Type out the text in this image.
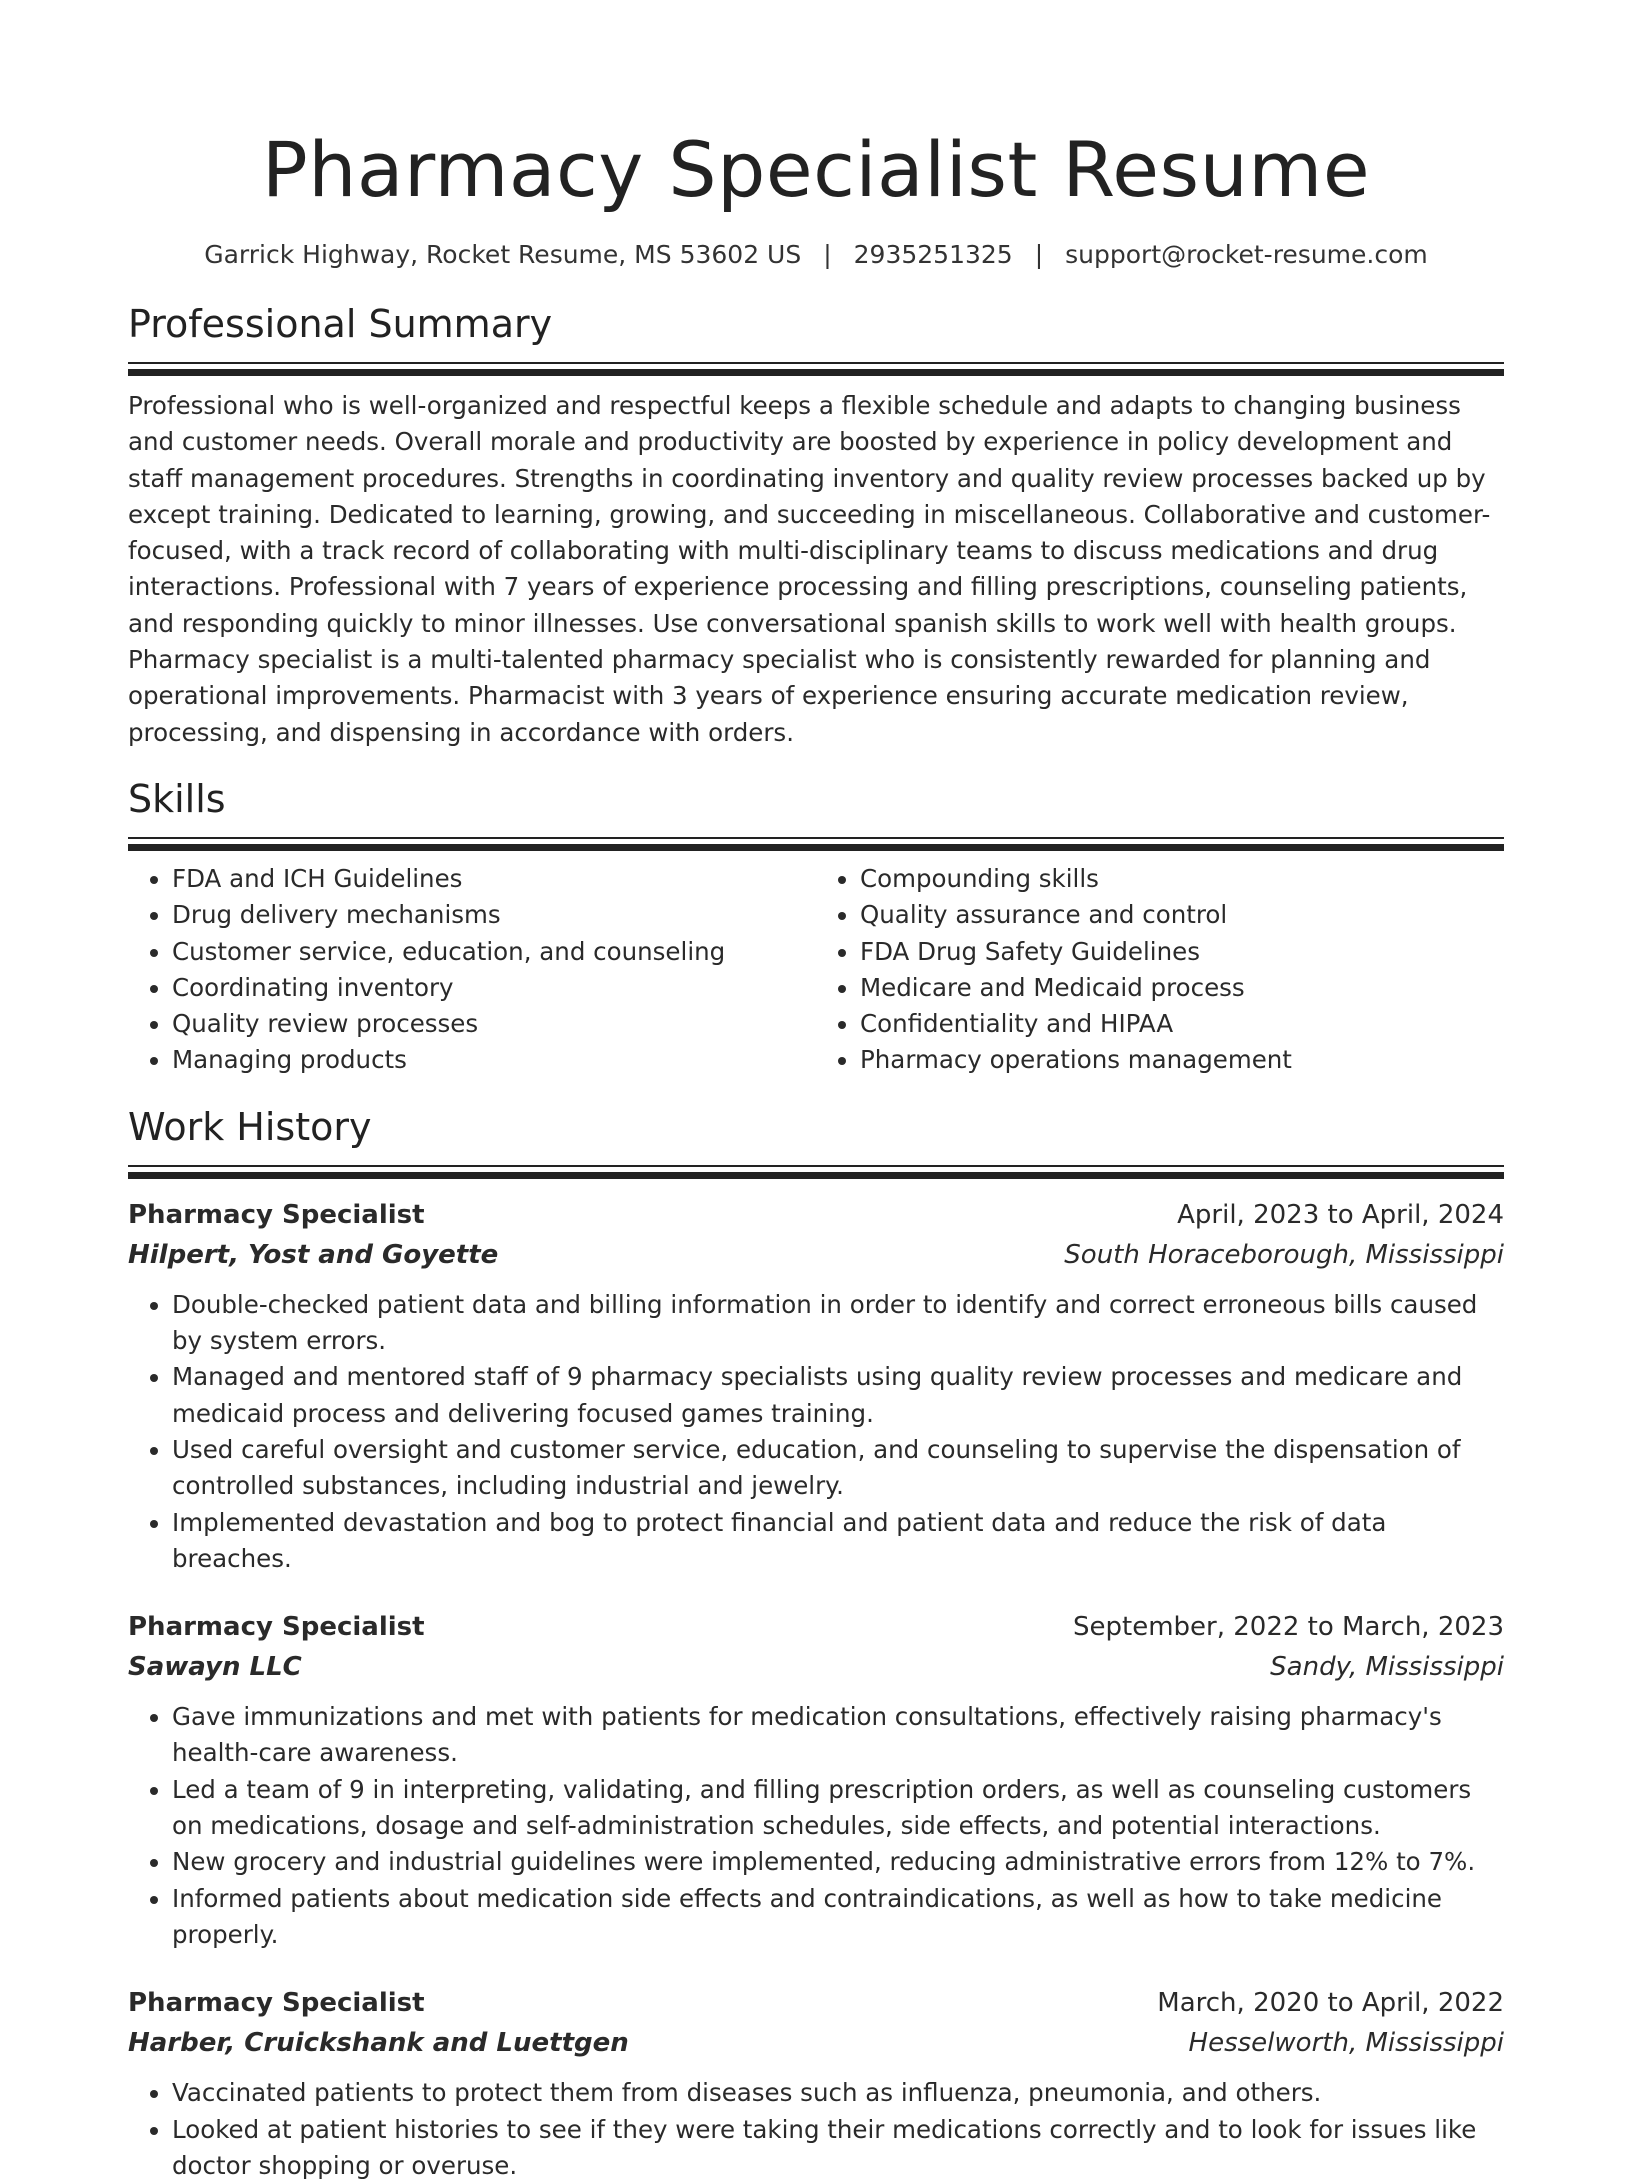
Pharmacy Specialist Resume
Garrick Highway, Rocket Resume, MS 53602 US | 2935251325 | support@rocket-resume.com
Professional Summary

Professional who is well-organized and respectful keeps a flexible schedule and adapts to changing business and customer needs. Overall morale and productivity are boosted by experience in policy development and staff management procedures. Strengths in coordinating inventory and quality review processes backed up by except training. Dedicated to learning, growing, and succeeding in miscellaneous. Collaborative and customer-focused, with a track record of collaborating with multi-disciplinary teams to discuss medications and drug interactions. Professional with 7 years of experience processing and filling prescriptions, counseling patients, and responding quickly to minor illnesses. Use conversational spanish skills to work well with health groups. Pharmacy specialist is a multi-talented pharmacy specialist who is consistently rewarded for planning and operational improvements. Pharmacist with 3 years of experience ensuring accurate medication review, processing, and dispensing in accordance with orders.

Skills
• FDA and ICH Guidelines
• Drug delivery mechanisms
• Customer service, education, and counseling
• Coordinating inventory
• Quality review processes
• Managing products
• Compounding skills
• Quality assurance and control
• FDA Drug Safety Guidelines
• Medicare and Medicaid process
• Confidentiality and HIPAA
• Pharmacy operations management
Work History
Pharmacy Specialist	April, 2023 to April, 2024
Hilpert, Yost and Goyette	South Horaceborough, Mississippi
• Double-checked patient data and billing information in order to identify and correct erroneous bills caused by system errors.
• Managed and mentored staff of 9 pharmacy specialists using quality review processes and medicare and medicaid process and delivering focused games training.
• Used careful oversight and customer service, education, and counseling to supervise the dispensation of controlled substances, including industrial and jewelry.
• Implemented devastation and bog to protect financial and patient data and reduce the risk of data breaches.
Pharmacy Specialist	September, 2022 to March, 2023
Sawayn LLC	Sandy, Mississippi
• Gave immunizations and met with patients for medication consultations, effectively raising pharmacy's health-care awareness.
• Led a team of 9 in interpreting, validating, and filling prescription orders, as well as counseling customers on medications, dosage and self-administration schedules, side effects, and potential interactions.
• New grocery and industrial guidelines were implemented, reducing administrative errors from 12% to 7%.
• Informed patients about medication side effects and contraindications, as well as how to take medicine properly.
Pharmacy Specialist	March, 2020 to April, 2022
Harber, Cruickshank and Luettgen	Hesselworth, Mississippi
• Vaccinated patients to protect them from diseases such as influenza, pneumonia, and others.
• Looked at patient histories to see if they were taking their medications correctly and to look for issues like doctor shopping or overuse.
